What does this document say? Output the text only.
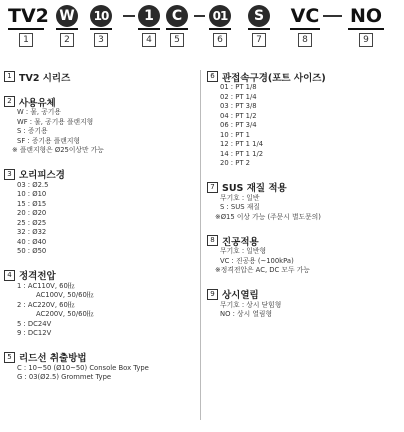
TV2
1
W
2
10
3
1
4
C
5
01
6
S
7
VC
8
NO
9
1 TV2 시리즈
2 사용유체
W : 물, 공기용
WF : 물, 공기용 플랜지형
S : 증기용
SF : 증기용 플랜지형
※ 플랜지형은 Ø25이상만 가능
3 오리피스경
03 : Ø2.5
10 : Ø10
15 : Ø15
20 : Ø20
25 : Ø25
32 : Ø32
40 : Ø40
50 : Ø50
4 정격전압
1 : AC110V, 60㎐
AC100V, 50/60㎐
2 : AC220V, 60㎐
AC200V, 50/60㎐
5 : DC24V
9 : DC12V
5 리드선 취출방법
C : 10~50 (Ø10~50) Console Box Type
G : 03(Ø2.5) Grommet Type
6 관접속구경(포트 사이즈)
01 : PT 1/8
02 : PT 1/4
03 : PT 3/8
04 : PT 1/2
06 : PT 3/4
10 : PT 1
12 : PT 1 1/4
14 : PT 1 1/2
20 : PT 2
7 SUS 재질 적용
무기호 : 일반
S : SUS 재질
※Ø15 이상 가능 (주문시 별도문의)
8 진공적용
무기호 : 일반형
VC : 진공용 (~100kPa)
※정격전압은 AC, DC 모두 가능
9 상시열림
무기호 : 상시 닫힘형
NO : 상시 열림형
